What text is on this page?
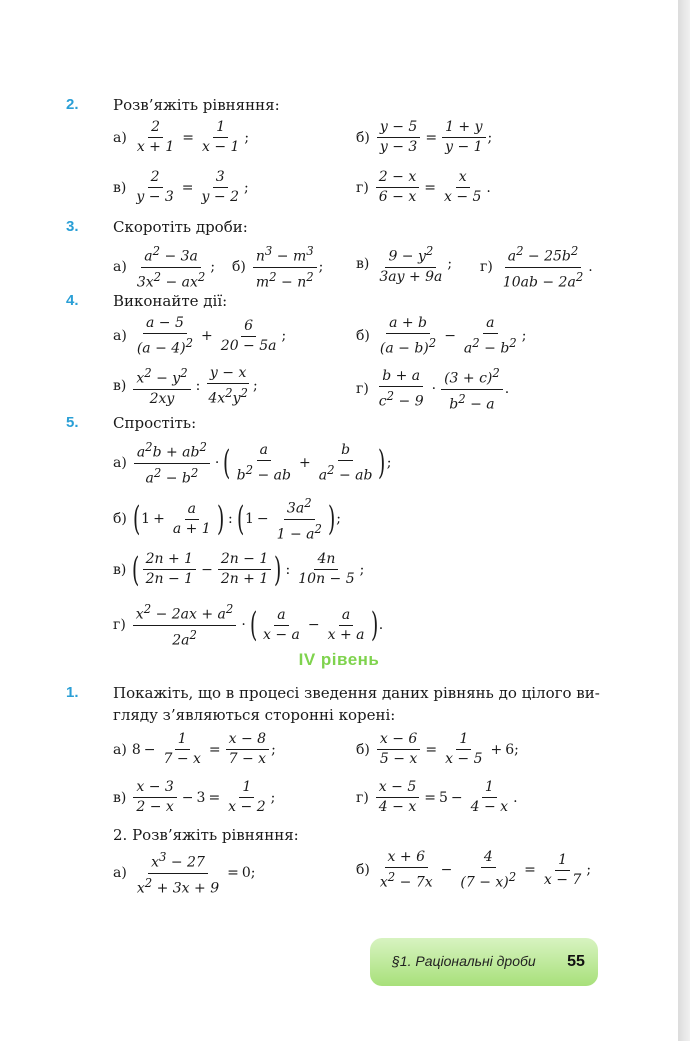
2. Розв’яжіть рівняння:
$а) \frac{2}{x + 1} = \frac{1}{x - 1}$ ;	$б) \frac{y - 5}{y - 3} = \frac{1 + y}{y - 1}$ ;
$в) \frac{2}{y - 3} = \frac{3}{y - 2}$ ;	$г) \frac{2 - x}{6 - x} = \frac{x}{x - 5}$ .
3. Скоротіть дроби:
$а) \frac{a^2 - 3a}{3x^2 - ax^2}$ ; $б) \frac{n^3 - m^3}{m^2 - n^2}$ ; $в) \frac{9 - y^2}{3ay + 9a}$ ; $г) \frac{a^2 - 25b^2}{10ab - 2a^2}$ .
4. Виконайте дії:
$а) \frac{a - 5}{(a - 4)^2} + \frac{6}{20 - 5a}$ ;	$б) \frac{a + b}{(a - b)^2} - \frac{a}{a^2 - b^2}$ ;
$в) \frac{x^2 - y^2}{2xy}$ : $\frac{y - x}{4x^2y^2}$ ;	$г) \frac{b + a}{c^2 - 9} \cdot \frac{(3 + c)^2}{b^2 - a}$ .
5. Спростіть:
$а) \frac{a^2b + ab^2}{a^2 - b^2}$ · ( $\frac{a}{b^2 - ab} + \frac{b}{a^2 - ab}$ ) ;
б) ( $1 + \frac{a}{a + 1}$ ) : ( $1 - \frac{3a^2}{1 - a^2}$ ) ;
в) ( $\frac{2n + 1}{2n - 1} - \frac{2n - 1}{2n + 1}$ ) : $\frac{4n}{10n - 5}$ ;
$г) \frac{x^2 - 2ax + a^2}{2a^2}$ · ( $\frac{a}{x - a} - \frac{a}{x + a}$ ) .
IV рівень
1. Покажіть, що в процесі зведення даних рівнянь до цілого ви-
гляду з’являються сторонні корені:
а) $8 - \frac{1}{7 - x} = \frac{x - 8}{7 - x}$ ;	$б) \frac{x - 6}{5 - x} = \frac{1}{x - 5} + 6$;
$в) \frac{x - 3}{2 - x} - 3 = \frac{1}{x - 2}$ ;	$г) \frac{x - 5}{4 - x} = 5 - \frac{1}{4 - x}$ .
2. Розв’яжіть рівняння:
$а) \frac{x^3 - 27}{x^2 + 3x + 9} = 0$;	$б) \frac{x + 6}{x^2 - 7x} - \frac{4}{(7 - x)^2} = \frac{1}{x - 7}$ ;
§1. Раціональні дроби	55
